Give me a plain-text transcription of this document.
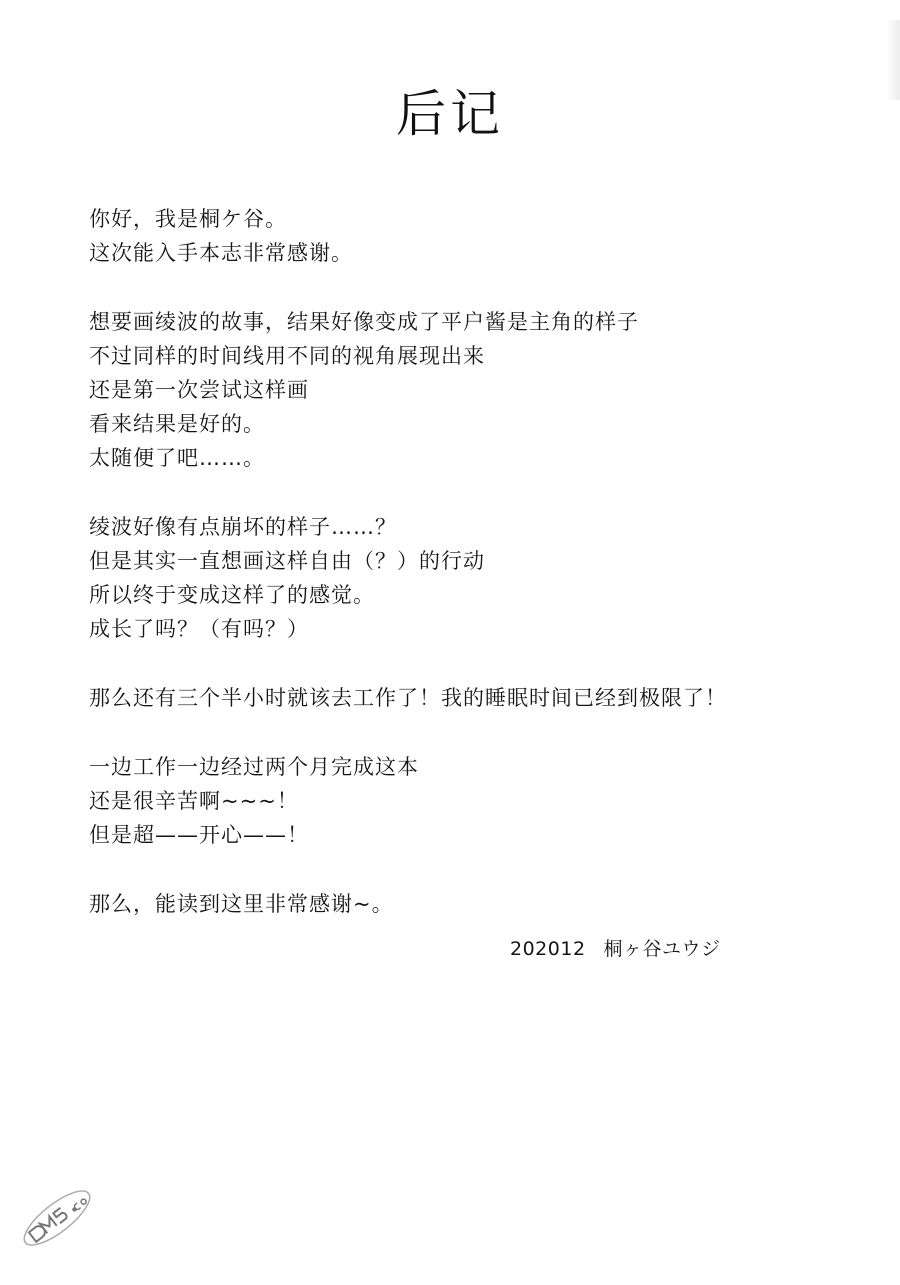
后记
你好，我是桐ケ谷。
这次能入手本志非常感谢。
想要画绫波的故事，结果好像变成了平户酱是主角的样子
不过同样的时间线用不同的视角展现出来
还是第一次尝试这样画
看来结果是好的。
太随便了吧……。
绫波好像有点崩坏的样子……？
但是其实一直想画这样自由（？）的行动
所以终于变成这样了的感觉。
成长了吗？（有吗？）
那么还有三个半小时就该去工作了！我的睡眠时间已经到极限了！
一边工作一边经过两个月完成这本
还是很辛苦啊~~~！
但是超——开心——！
那么，能读到这里非常感谢~。
202012 桐ヶ谷ユウジ
